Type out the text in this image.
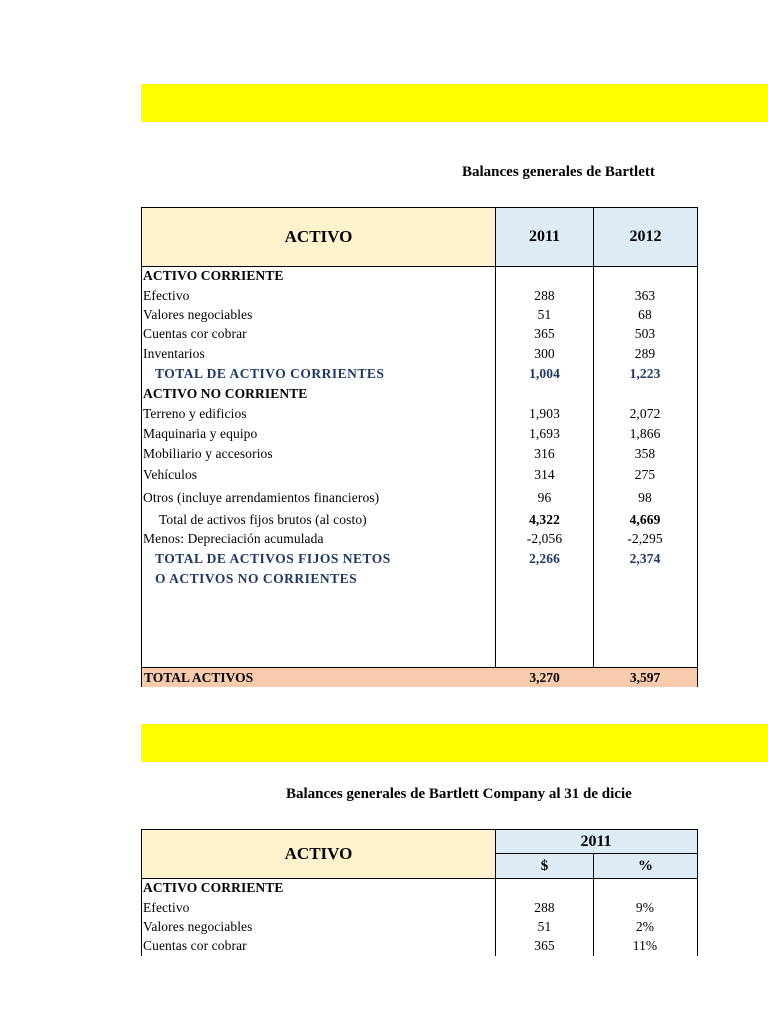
Balances generales de Bartlett
ACTIVO	2011	2012
ACTIVO CORRIENTE
Efectivo	288	363
Valores negociables	51	68
Cuentas cor cobrar	365	503
Inventarios	300	289
TOTAL DE ACTIVO CORRIENTES	1,004	1,223
ACTIVO NO CORRIENTE
Terreno y edificios	1,903	2,072
Maquinaria y equipo	1,693	1,866
Mobiliario y accesorios	316	358
Vehículos	314	275
Otros (incluye arrendamientos financieros)	96	98
Total de activos fijos brutos (al costo)	4,322	4,669
Menos: Depreciación acumulada	-2,056	-2,295
TOTAL DE ACTIVOS FIJOS NETOS	2,266	2,374
O ACTIVOS NO CORRIENTES
TOTAL ACTIVOS	3,270	3,597
Balances generales de Bartlett Company al 31 de dicie
ACTIVO
2011
$	%
ACTIVO CORRIENTE
Efectivo	288	9%
Valores negociables	51	2%
Cuentas cor cobrar	365	11%
